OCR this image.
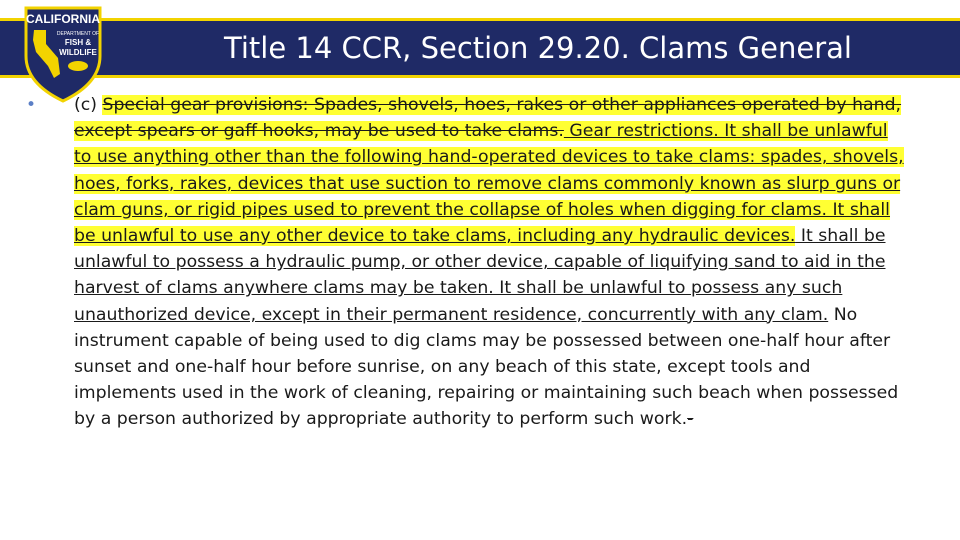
Title 14 CCR, Section 29.20. Clams General
CALIFORNIA
DEPARTMENT OF
FISH &
WILDLIFE
• (c) Special gear provisions: Spades, shovels, hoes, rakes or other appliances operated by hand, except spears or gaff hooks, may be used to take clams. Gear restrictions. It shall be unlawful to use anything other than the following hand-operated devices to take clams: spades, shovels, hoes, forks, rakes, devices that use suction to remove clams commonly known as slurp guns or clam guns, or rigid pipes used to prevent the collapse of holes when digging for clams. It shall be unlawful to use any other device to take clams, including any hydraulic devices. It shall be unlawful to possess a hydraulic pump, or other device, capable of liquifying sand to aid in the harvest of clams anywhere clams may be taken. It shall be unlawful to possess any such unauthorized device, except in their permanent residence, concurrently with any clam. No instrument capable of being used to dig clams may be possessed between one-half hour after sunset and one-half hour before sunrise, on any beach of this state, except tools and implements used in the work of cleaning, repairing or maintaining such beach when possessed by a person authorized by appropriate authority to perform such work.-
